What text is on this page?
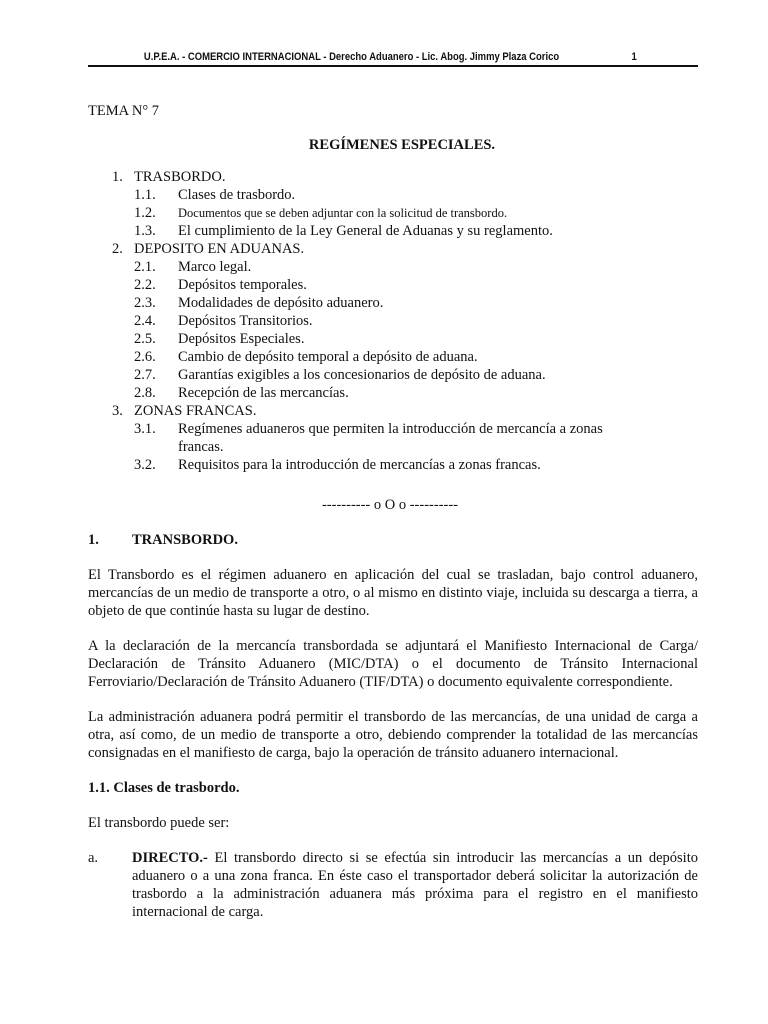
U.P.E.A. - COMERCIO INTERNACIONAL - Derecho Aduanero - Lic. Abog. Jimmy Plaza Corico	1
TEMA N° 7
REGÍMENES ESPECIALES.
1. TRASBORDO.
1.1.	Clases de trasbordo.
1.2.	Documentos que se deben adjuntar con la solicitud de transbordo.
1.3.	El cumplimiento de la Ley General de Aduanas y su reglamento.
2. DEPOSITO EN ADUANAS.
2.1.	Marco legal.
2.2.	Depósitos temporales.
2.3.	Modalidades de depósito aduanero.
2.4.	Depósitos Transitorios.
2.5.	Depósitos Especiales.
2.6.	Cambio de depósito temporal a depósito de aduana.
2.7.	Garantías exigibles a los concesionarios de depósito de aduana.
2.8.	Recepción de las mercancías.
3. ZONAS FRANCAS.
3.1.	Regímenes aduaneros que permiten la introducción de mercancía a zonas francas.
3.2.	Requisitos para la introducción de mercancías a zonas francas.
---------- o O o ----------
1.	TRANSBORDO.

El Transbordo es el régimen aduanero en aplicación del cual se trasladan, bajo control aduanero, mercancías de un medio de transporte a otro, o al mismo en distinto viaje, incluida su descarga a tierra, a objeto de que continúe hasta su lugar de destino.

A la declaración de la mercancía transbordada se adjuntará el Manifiesto Internacional de Carga/ Declaración de Tránsito Aduanero (MIC/DTA) o el documento de Tránsito Internacional Ferroviario/Declaración de Tránsito Aduanero (TIF/DTA) o documento equivalente correspondiente.

La administración aduanera podrá permitir el transbordo de las mercancías, de una unidad de carga a otra, así como, de un medio de transporte a otro, debiendo comprender la totalidad de las mercancías consignadas en el manifiesto de carga, bajo la operación de tránsito aduanero internacional.

1.1. Clases de trasbordo.

El transbordo puede ser:

a.	DIRECTO.- El transbordo directo si se efectúa sin introducir las mercancías a un depósito aduanero o a una zona franca. En éste caso el transportador deberá solicitar la autorización de trasbordo a la administración aduanera más próxima para el registro en el manifiesto internacional de carga.
